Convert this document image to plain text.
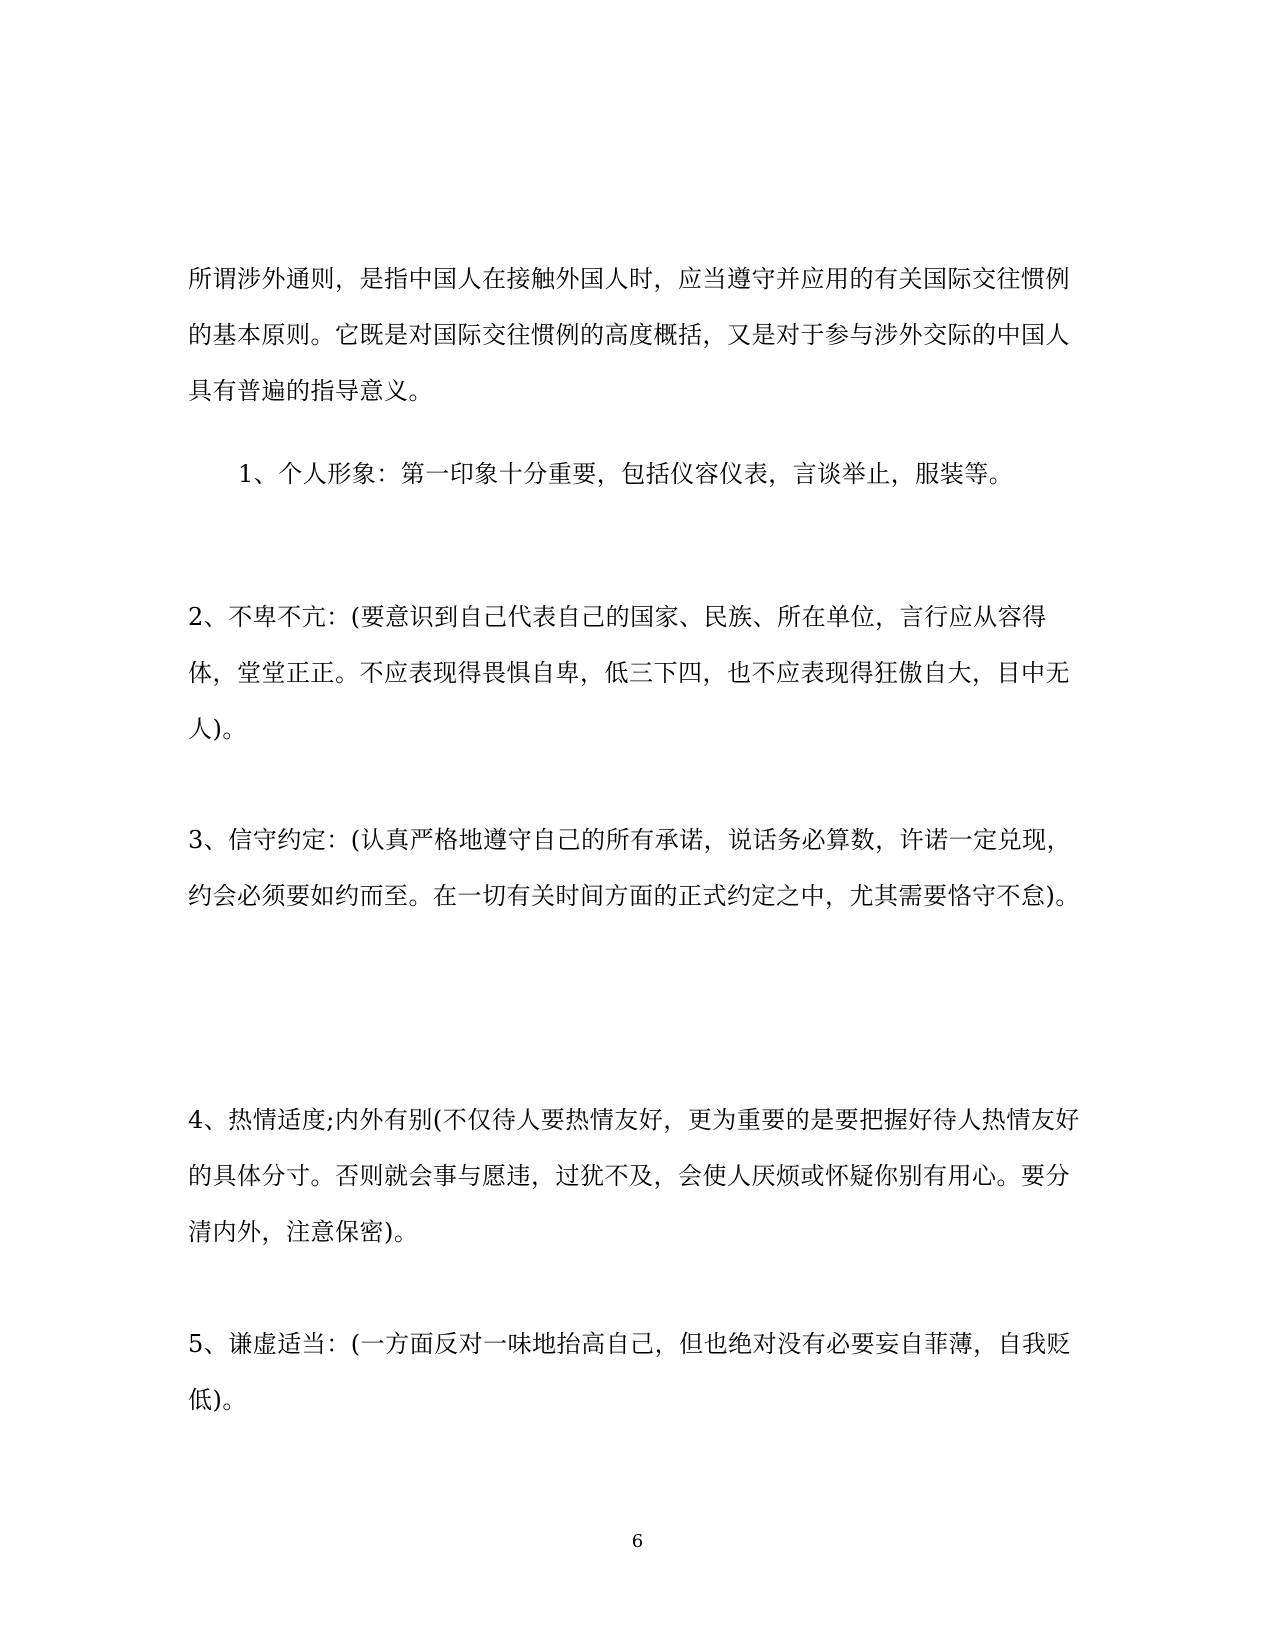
所谓涉外通则，是指中国人在接触外国人时，应当遵守并应用的有关国际交往惯例的基本原则。它既是对国际交往惯例的高度概括，又是对于参与涉外交际的中国人具有普遍的指导意义。

1、个人形象：第一印象十分重要，包括仪容仪表，言谈举止，服装等。

2、不卑不亢：(要意识到自己代表自己的国家、民族、所在单位，言行应从容得体，堂堂正正。不应表现得畏惧自卑，低三下四，也不应表现得狂傲自大，目中无人)。

3、信守约定：(认真严格地遵守自己的所有承诺，说话务必算数，许诺一定兑现，约会必须要如约而至。在一切有关时间方面的正式约定之中，尤其需要恪守不怠)。

4、热情适度;内外有别(不仅待人要热情友好，更为重要的是要把握好待人热情友好的具体分寸。否则就会事与愿违，过犹不及，会使人厌烦或怀疑你别有用心。要分清内外，注意保密)。

5、谦虚适当：(一方面反对一味地抬高自己，但也绝对没有必要妄自菲薄，自我贬低)。

6
